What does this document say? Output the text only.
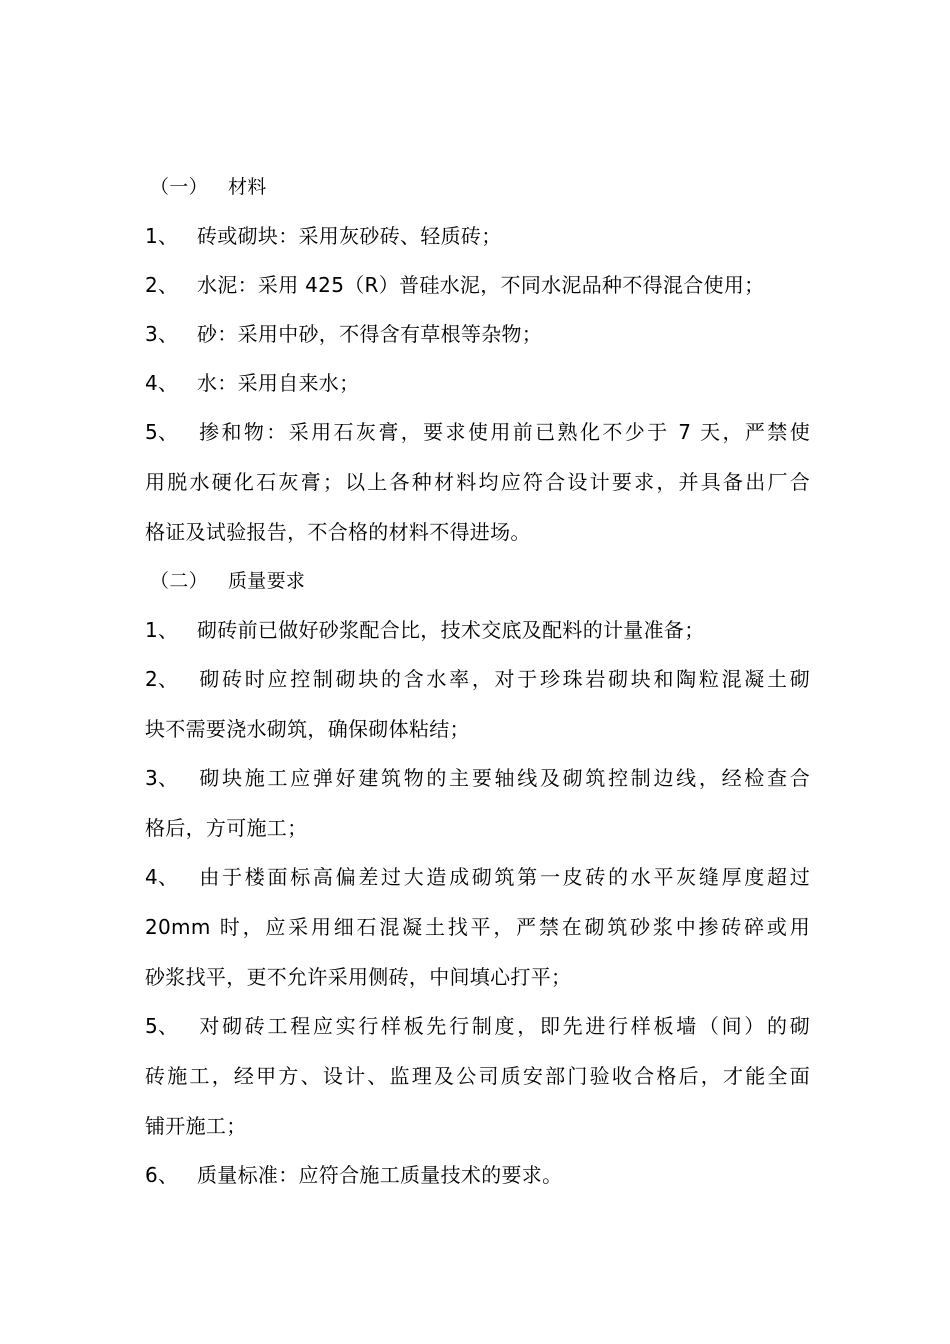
（一） 材料
1、 砖或砌块：采用灰砂砖、轻质砖；
2、 水泥：采用 425（R）普硅水泥，不同水泥品种不得混合使用；
3、 砂：采用中砂，不得含有草根等杂物；
4、 水：采用自来水；
5、 掺和物：采用石灰膏，要求使用前已熟化不少于 7 天，严禁使
用脱水硬化石灰膏；以上各种材料均应符合设计要求，并具备出厂合
格证及试验报告，不合格的材料不得进场。
（二） 质量要求
1、 砌砖前已做好砂浆配合比，技术交底及配料的计量准备；
2、 砌砖时应控制砌块的含水率，对于珍珠岩砌块和陶粒混凝土砌
块不需要浇水砌筑，确保砌体粘结；
3、 砌块施工应弹好建筑物的主要轴线及砌筑控制边线，经检查合
格后，方可施工；
4、 由于楼面标高偏差过大造成砌筑第一皮砖的水平灰缝厚度超过
20mm 时，应采用细石混凝土找平，严禁在砌筑砂浆中掺砖碎或用
砂浆找平，更不允许采用侧砖，中间填心打平；
5、 对砌砖工程应实行样板先行制度，即先进行样板墙（间）的砌
砖施工，经甲方、设计、监理及公司质安部门验收合格后，才能全面
铺开施工；
6、 质量标准：应符合施工质量技术的要求。
